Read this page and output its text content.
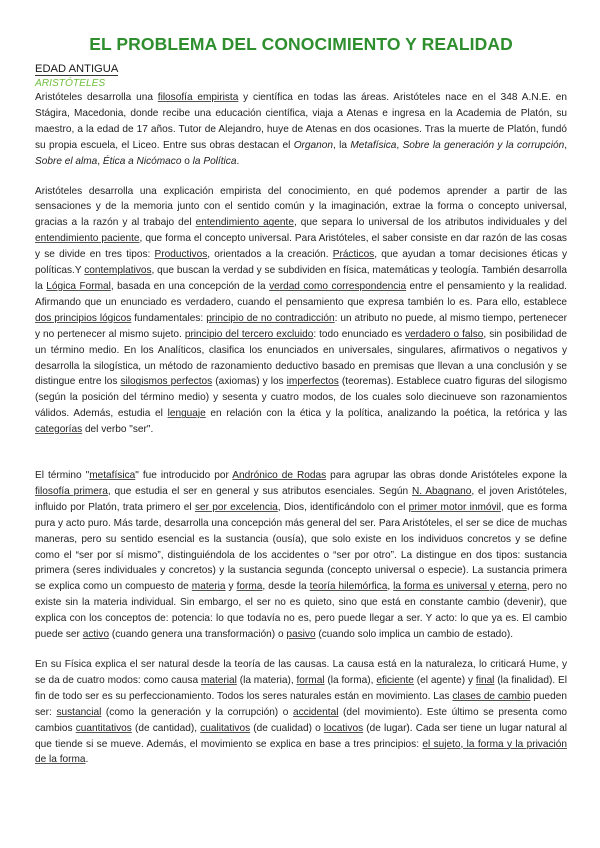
EL PROBLEMA DEL CONOCIMIENTO Y REALIDAD
EDAD ANTIGUA
ARISTÓTELES

Aristóteles desarrolla una filosofía empirista y científica en todas las áreas. Aristóteles nace en el 348 A.N.E. en Stágira, Macedonia, donde recibe una educación científica, viaja a Atenas e ingresa en la Academia de Platón, su maestro, a la edad de 17 años. Tutor de Alejandro, huye de Atenas en dos ocasiones. Tras la muerte de Platón, fundó su propia escuela, el Liceo. Entre sus obras destacan el Organon, la Metafísica, Sobre la generación y la corrupción, Sobre el alma, Ética a Nicómaco o la Política.

Aristóteles desarrolla una explicación empirista del conocimiento, en qué podemos aprender a partir de las sensaciones y de la memoria junto con el sentido común y la imaginación, extrae la forma o concepto universal, gracias a la razón y al trabajo del entendimiento agente, que separa lo universal de los atributos individuales y del entendimiento paciente, que forma el concepto universal. Para Aristóteles, el saber consiste en dar razón de las cosas y se divide en tres tipos: Productivos, orientados a la creación. Prácticos, que ayudan a tomar decisiones éticas y políticas.Y contemplativos, que buscan la verdad y se subdividen en física, matemáticas y teología. También desarrolla la Lógica Formal, basada en una concepción de la verdad como correspondencia entre el pensamiento y la realidad. Afirmando que un enunciado es verdadero, cuando el pensamiento que expresa también lo es. Para ello, establece dos principios lógicos fundamentales: principio de no contradicción: un atributo no puede, al mismo tiempo, pertenecer y no pertenecer al mismo sujeto. principio del tercero excluido: todo enunciado es verdadero o falso, sin posibilidad de un término medio. En los Analíticos, clasifica los enunciados en universales, singulares, afirmativos o negativos y desarrolla la silogística, un método de razonamiento deductivo basado en premisas que llevan a una conclusión y se distingue entre los silogismos perfectos (axiomas) y los imperfectos (teoremas). Establece cuatro figuras del silogismo (según la posición del término medio) y sesenta y cuatro modos, de los cuales solo diecinueve son razonamientos válidos. Además, estudia el lenguaje en relación con la ética y la política, analizando la poética, la retórica y las categorías del verbo "ser".

El término "metafísica" fue introducido por Andrónico de Rodas para agrupar las obras donde Aristóteles expone la filosofía primera, que estudia el ser en general y sus atributos esenciales. Según N. Abagnano, el joven Aristóteles, influido por Platón, trata primero el ser por excelencia, Dios, identificándolo con el primer motor inmóvil, que es forma pura y acto puro. Más tarde, desarrolla una concepción más general del ser. Para Aristóteles, el ser se dice de muchas maneras, pero su sentido esencial es la sustancia (ousía), que solo existe en los individuos concretos y se define como el “ser por sí mismo”, distinguiéndola de los accidentes o “ser por otro”. La distingue en dos tipos: sustancia primera (seres individuales y concretos) y la sustancia segunda (concepto universal o especie). La sustancia primera se explica como un compuesto de materia y forma, desde la teoría hilemórfica, la forma es universal y eterna, pero no existe sin la materia individual. Sin embargo, el ser no es quieto, sino que está en constante cambio (devenir), que explica con los conceptos de: potencia: lo que todavía no es, pero puede llegar a ser. Y acto: lo que ya es. El cambio puede ser activo (cuando genera una transformación) o pasivo (cuando solo implica un cambio de estado).

En su Física explica el ser natural desde la teoría de las causas. La causa está en la naturaleza, lo criticará Hume, y se da de cuatro modos: como causa material (la materia), formal (la forma), eficiente (el agente) y final (la finalidad). El fin de todo ser es su perfeccionamiento. Todos los seres naturales están en movimiento. Las clases de cambio pueden ser: sustancial (como la generación y la corrupción) o accidental (del movimiento). Este último se presenta como cambios cuantitativos (de cantidad), cualitativos (de cualidad) o locativos (de lugar). Cada ser tiene un lugar natural al que tiende si se mueve. Además, el movimiento se explica en base a tres principios: el sujeto, la forma y la privación de la forma.
